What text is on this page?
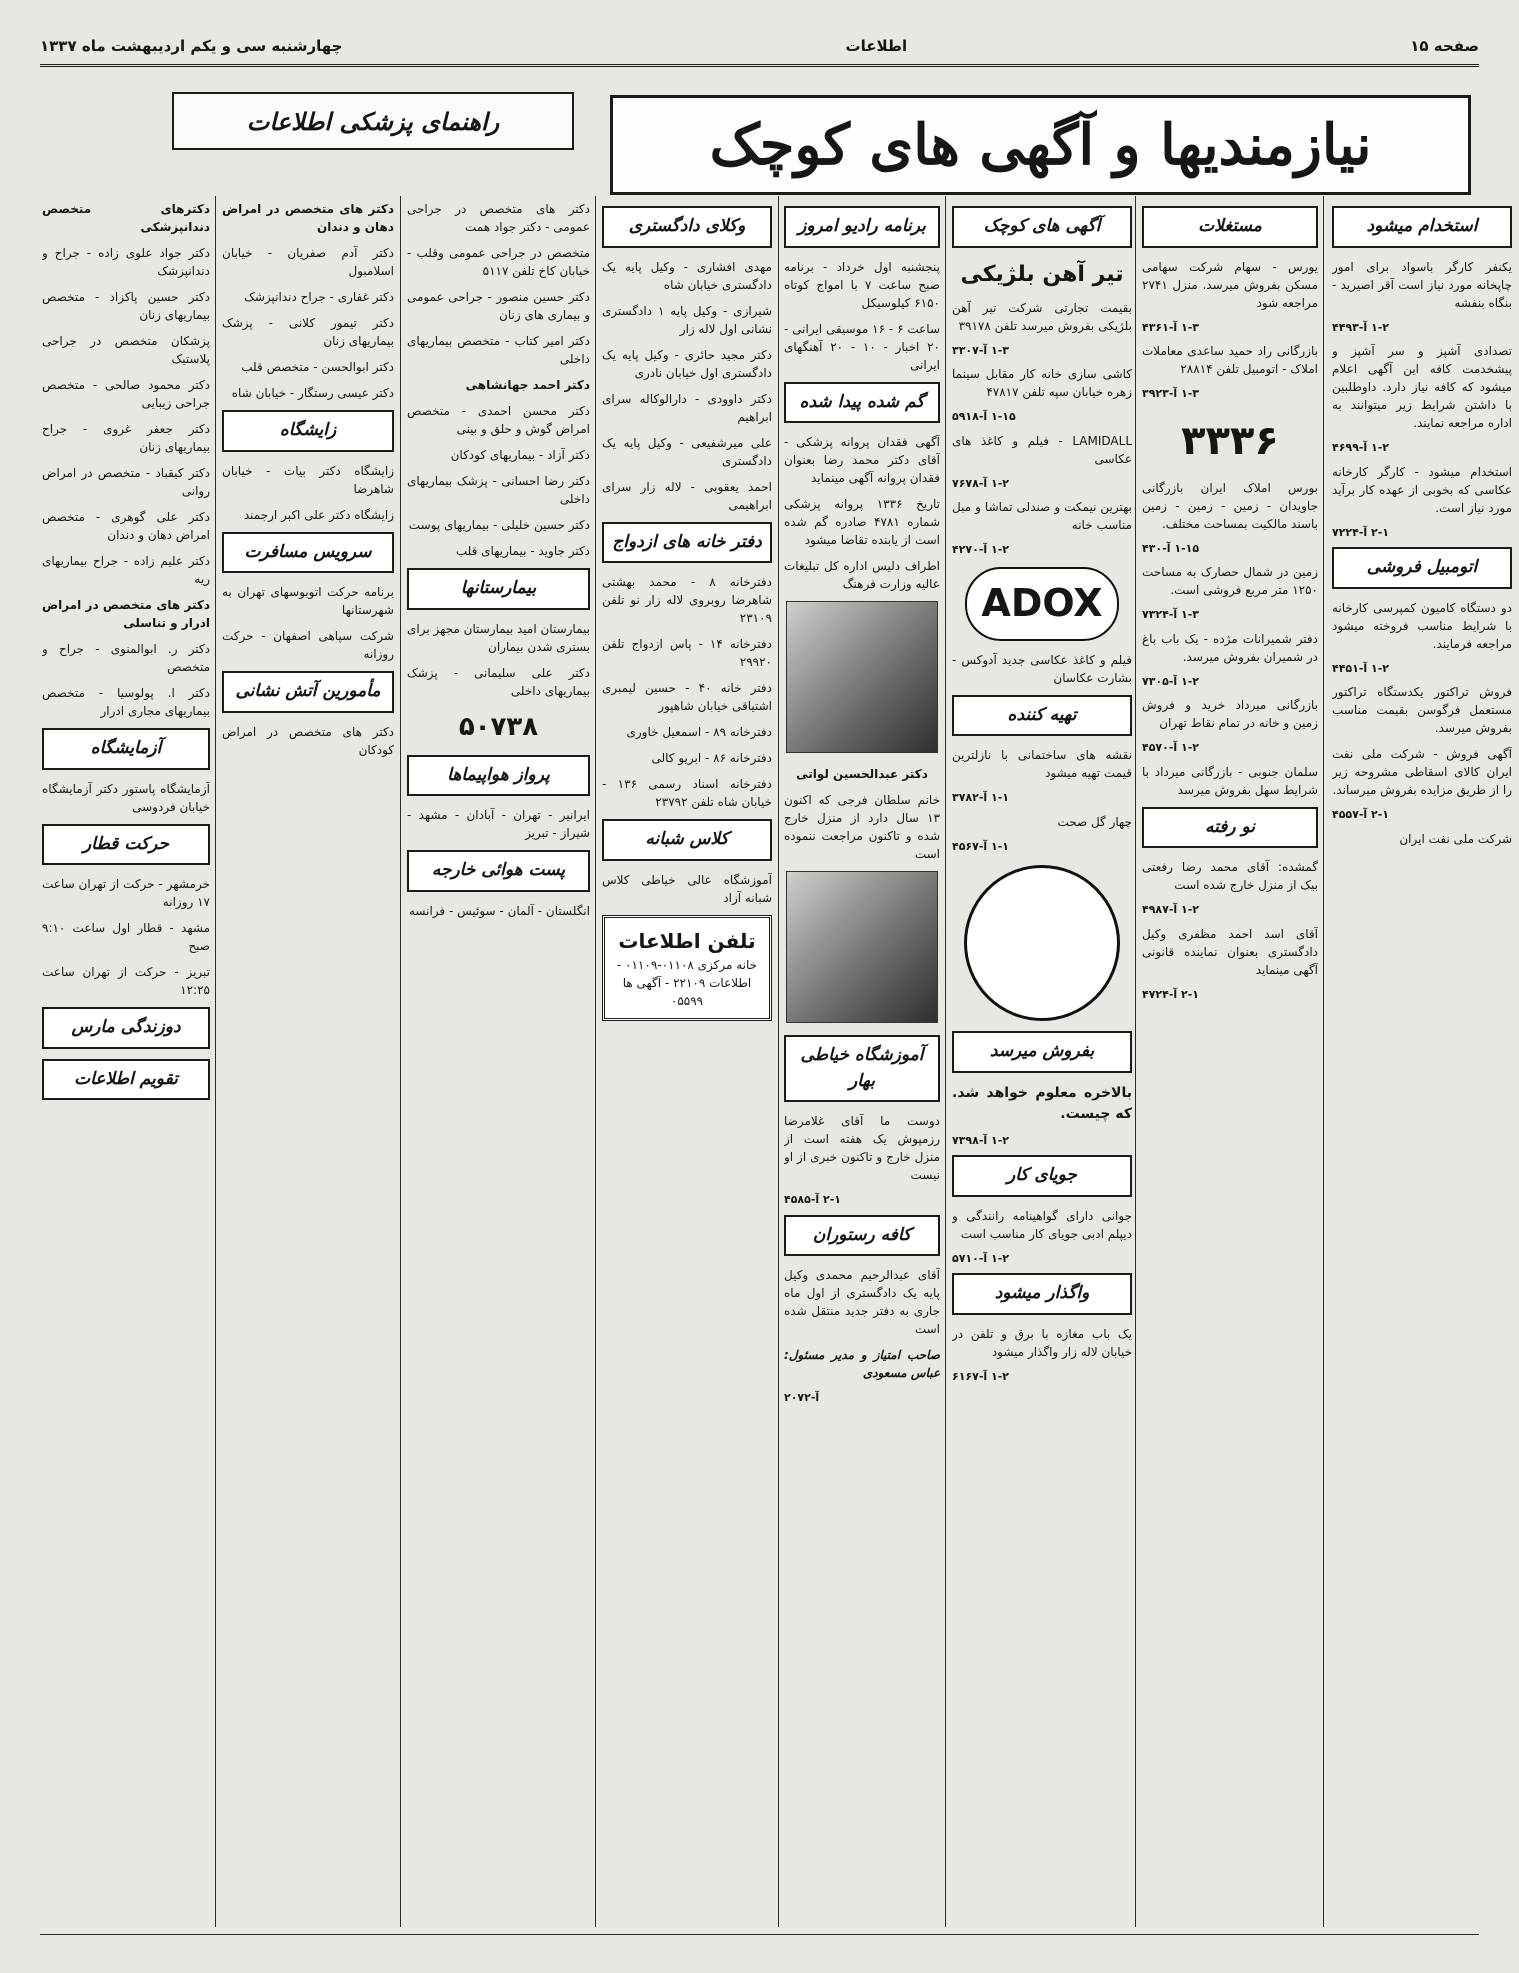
صفحه ۱۵
اطلاعات
چهارشنبه سی و یکم اردیبهشت ماه ۱۳۳۷
نیازمندیها و آگهی های کوچک
راهنمای پزشکی اطلاعات
استخدام میشود

یکنفر کارگر باسواد برای امور چاپخانه مورد نیاز است آقر اصیرید - بنگاه بنفشه

۱-۲ آ-۴۴۹۳

تصدادی آشپز و سر آشپز و پیشخدمت کافه این آگهی اعلام میشود که کافه نیاز دارد. داوطلبین با داشتن شرایط زیر میتوانند به اداره مراجعه نمایند.

۱-۲ آ-۴۶۹۹

استخدام میشود - کارگر کارخانه عکاسی که بخوبی از عهده کار برآید مورد نیاز است.

۲-۱ آ-۷۲۲۴
اتومبیل فروشی

دو دستگاه کامیون کمپرسی کارخانه با شرایط مناسب فروخته میشود مراجعه فرمایند.

۱-۲ آ-۴۴۵۱

فروش تراکتور یکدستگاه تراکتور مستعمل فرگوسن بقیمت مناسب بفروش میرسد.

آگهی فروش - شرکت ملی نفت ایران کالای اسقاطی مشروحه زیر را از طریق مزایده بفروش میرساند.

۲-۱ آ-۴۵۵۷

شرکت ملی نفت ایران

مستغلات

یورس - سهام شرکت سهامی مسکن بفروش میرسد. منزل ۲۷۴۱ مراجعه شود

۱-۳ آ-۴۳۶۱

بازرگانی راد حمید ساعدی معاملات املاک - اتومبیل تلفن ۲۸۸۱۴

۱-۳ آ-۳۹۲۳
۳۳۳۶

بورس املاک ایران بازرگانی جاویدان - زمین - زمین - زمین باسند مالکیت بمساحت مختلف.

۱-۱۵ آ-۴۳۰

زمین در شمال حصارک به مساحت ۱۲۵۰ متر مربع فروشی است.

۱-۳ آ-۷۳۲۴

دفتر شمیرانات مژده - یک باب باغ در شمیران بفروش میرسد.

۱-۲ آ-۷۳۰۵

بازرگانی میرداد خرید و فروش زمین و خانه در تمام نقاط تهران

۱-۲ آ-۴۵۷۰

سلمان جنوبی - بازرگانی میرداد با شرایط سهل بفروش میرسد

نو رفته

گمشده: آقای محمد رضا رفعتی بیک از منزل خارج شده است

۱-۲ آ-۴۹۸۷

آقای اسد احمد مظفری وکیل دادگستری بعنوان نماینده قانونی آگهی مینماید

۲-۱ آ-۴۷۲۴
آگهی های کوچک

تیر آهن بلژیکی

بقیمت تجارتی شرکت تیر آهن بلژیکی بفروش میرسد تلفن ۳۹۱۷۸

۱-۳ آ-۳۳۰۷

کاشی سازی خانه کار مقابل سینما زهره خیابان سپه تلفن ۴۷۸۱۷

۱-۱۵ آ-۵۹۱۸

LAMIDALL - فیلم و کاغذ های عکاسی

۱-۲ آ-۷۶۷۸

بهترین نیمکت و صندلی تماشا و مبل مناسب خانه

۱-۲ آ-۴۲۷۰
ADOX

فیلم و کاغذ عکاسی جدید آدوکس - بشارت عکاسان

تهیه کننده

نقشه های ساختمانی با نازلترین قیمت تهیه میشود

۱-۱ آ-۳۷۸۲

چهار گل صحت

۱-۱ آ-۴۵۶۷
بفروش میرسد

بالاخره معلوم خواهد شد. که چیست.

۱-۲ آ-۷۳۹۸
جویای کار

جوانی دارای گواهینامه رانندگی و دیپلم ادبی جویای کار مناسب است

۱-۲ آ-۵۷۱۰
واگذار میشود

یک باب مغازه با برق و تلفن در خیابان لاله زار واگذار میشود

۱-۲ آ-۶۱۶۷
برنامه رادیو امروز

پنجشنبه اول خرداد - برنامه صبح ساعت ۷ با امواج کوتاه ۶۱۵۰ کیلوسیکل

ساعت ۶ - ۱۶ موسیقی ایرانی - ۲۰ اخبار - ۱۰ - ۲۰ آهنگهای ایرانی

گم شده پیدا شده

آگهی فقدان پروانه پزشکی - آقای دکتر محمد رضا بعنوان فقدان پروانه آگهی مینماید

تاریخ ۱۳۳۶ پروانه پزشکی شماره ۴۷۸۱ صادره گم شده است از یابنده تقاضا میشود

اطراف دلیس اداره کل تبلیغات عالیه وزارت فرهنگ

دکتر عبدالحسین لواتی

خانم سلطان فرجی که اکنون ۱۳ سال دارد از منزل خارج شده و تاکنون مراجعت ننموده است

آموزشگاه خیاطی بهار

دوست ما آقای غلامرضا رزمپوش یک هفته است از منزل خارج و تاکنون خبری از او نیست

۲-۱ آ-۴۵۸۵
کافه رستوران

آقای عبدالرحیم محمدی وکیل پایه یک دادگستری از اول ماه جاری به دفتر جدید منتقل شده است

صاحب امتیاز و مدیر مسئول: عباس مسعودی

آ-۲۰۷۲
وکلای دادگستری

مهدی افشاری - وکیل پایه یک دادگستری خیابان شاه

شیرازی - وکیل پایه ۱ دادگستری نشانی اول لاله زار

دکتر مجید حائری - وکیل پایه یک دادگستری اول خیابان نادری

دکتر داوودی - دارالوکاله سرای ابراهیم

علی میرشفیعی - وکیل پایه یک دادگستری

احمد یعقوبی - لاله زار سرای ابراهیمی

دفتر خانه های ازدواج

دفترخانه ۸ - محمد بهشتی شاهرضا روبروی لاله زار نو تلفن ۲۳۱۰۹

دفترخانه ۱۴ - پاس ازدواج تلفن ۲۹۹۲۰

دفتر خانه ۴۰ - حسین لیمبری اشتیاقی خیابان شاهپور

دفترخانه ۸۹ - اسمعیل خاوری

دفترخانه ۸۶ - ابریو کالی

دفترخانه اسناد رسمی ۱۳۶ - خیابان شاه تلفن ۲۳۷۹۲

کلاس شبانه

آموزشگاه عالی خیاطی کلاس شبانه آزاد

تلفن اطلاعات
خانه مرکزی ۰۱۱۰۸-۰۱۱۰۹ - اطلاعات ۲۲۱۰۹ - آگهی ها ۰۵۵۹۹

دکتر های متخصص در جراحی عمومی - دکتر جواد همت

متخصص در جراحی عمومی وقلب - خیابان کاخ تلفن ۵۱۱۷

دکتر حسین منصور - جراحی عمومی و بیماری های زنان

دکتر امیر کتاب - متخصص بیماریهای داخلی

دکتر احمد جهانشاهی

دکتر محسن احمدی - متخصص امراض گوش و حلق و بینی

دکتر آزاد - بیماریهای کودکان

دکتر رضا احسانی - پزشک بیماریهای داخلی

دکتر حسین خلیلی - بیماریهای پوست

دکتر جاوید - بیماریهای قلب

بیمارستانها

بیمارستان امید بیمارستان مجهز برای بستری شدن بیماران

دکتر علی سلیمانی - پزشک بیماریهای داخلی

۵۰۷۳۸
پرواز هواپیماها

ایرانیر - تهران - آبادان - مشهد - شیراز - تبریز

پست هوائی خارجه

انگلستان - آلمان - سوئیس - فرانسه

دکتر های متخصص در امراض دهان و دندان

دکتر آدم صفریان - خیابان اسلامبول

دکتر غفاری - جراح دندانپزشک

دکتر تیمور کلانی - پزشک بیماریهای زنان

دکتر ابوالحسن - متخصص قلب

دکتر عیسی رستگار - خیابان شاه

زایشگاه

زایشگاه دکتر بیات - خیابان شاهرضا

زایشگاه دکتر علی اکبر ارجمند

سرویس مسافرت

برنامه حرکت اتوبوسهای تهران به شهرستانها

شرکت سپاهی اصفهان - حرکت روزانه

مأمورین آتش نشانی

دکتر های متخصص در امراض کودکان

دکترهای متخصص دندانپزشکی

دکتر جواد علوی زاده - جراح و دندانپزشک

دکتر حسین پاکزاد - متخصص بیماریهای زنان

پزشکان متخصص در جراحی پلاستیک

دکتر محمود صالحی - متخصص جراحی زیبایی

دکتر جعفر غروی - جراح بیماریهای زنان

دکتر کیقباد - متخصص در امراض روانی

دکتر علی گوهری - متخصص امراض دهان و دندان

دکتر علیم زاده - جراح بیماریهای ریه

دکتر های متخصص در امراض ادرار و تناسلی

دکتر ر. ابوالمنوی - جراح و متخصص

دکتر ا. پولوسیا - متخصص بیماریهای مجاری ادرار

آزمایشگاه

آزمایشگاه پاستور دکتر آزمایشگاه خیابان فردوسی

حرکت قطار

خرمشهر - حرکت از تهران ساعت ۱۷ روزانه

مشهد - قطار اول ساعت ۹:۱۰ صبح

تبریز - حرکت از تهران ساعت ۱۲:۲۵

دوزندگی مارس
تقویم اطلاعات
